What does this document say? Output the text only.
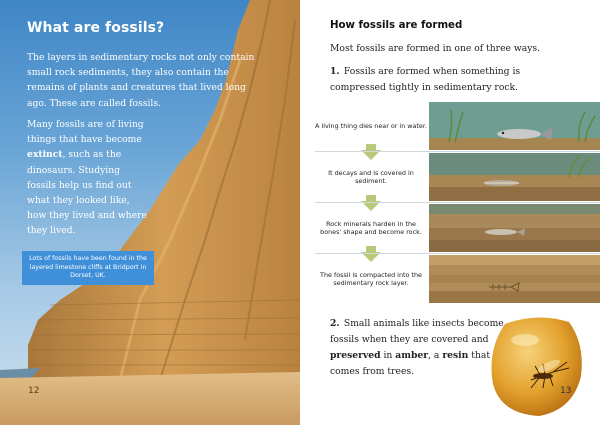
What are fossils?

The layers in sedimentary rocks not only contain small rock sediments, they also contain the remains of plants and creatures that lived long ago. These are called fossils.

Many fossils are of living things that have become extinct, such as the dinosaurs. Studying fossils help us find out what they looked like, how they lived and where they lived.

Lots of fossils have been found in the layered limestone cliffs at Bridport in Dorset, UK.
12
How fossils are formed

Most fossils are formed in one of three ways.

1. Fossils are formed when something is compressed tightly in sedimentary rock.

A living thing dies near or in water.
It decays and is covered in sediment.
Rock minerals harden in the bones' shape and become rock.
The fossil is compacted into the sedimentary rock layer.

2. Small animals like insects become fossils when they are covered and preserved in amber, a resin that comes from trees.

13
